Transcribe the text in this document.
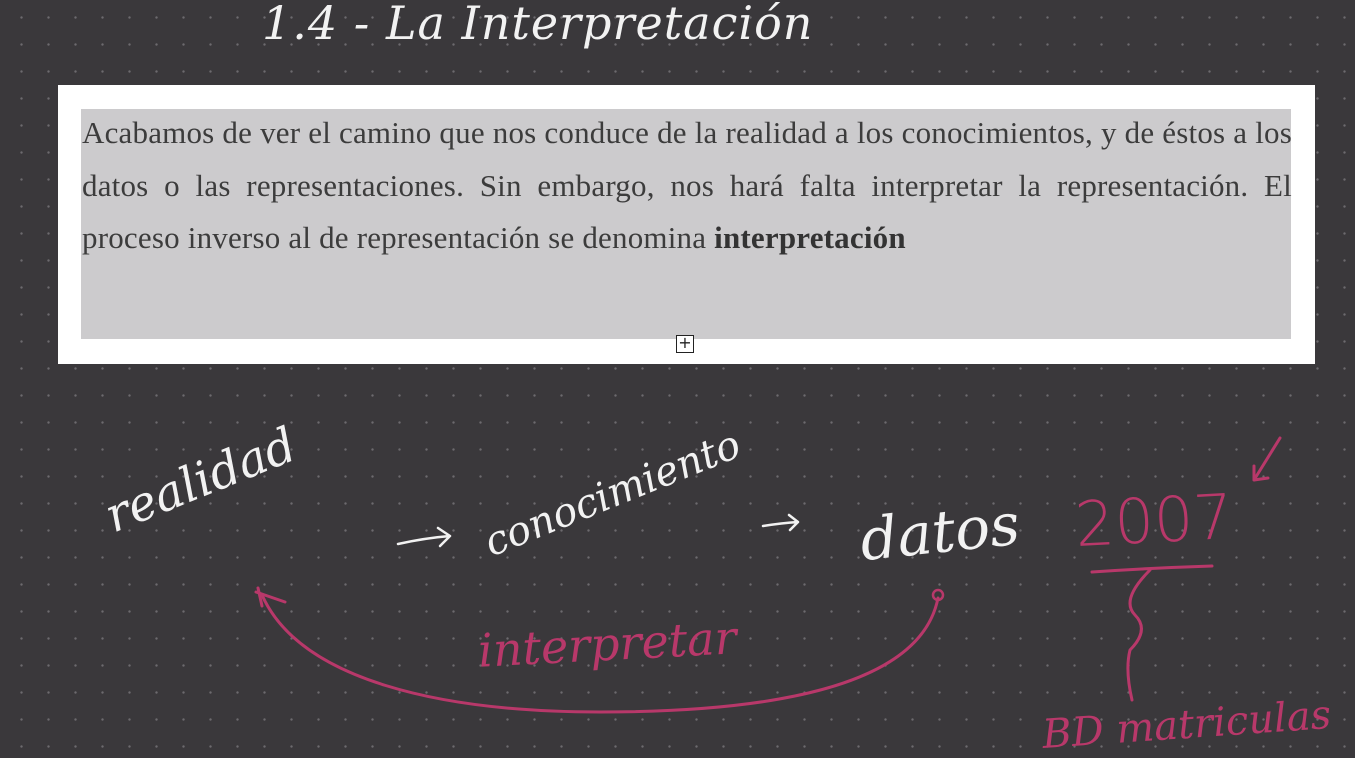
1.4 - La Interpretación
Acabamos de ver el camino que nos conduce de la realidad a los conocimientos, y de éstos a los datos o las representaciones. Sin embargo, nos hará falta interpretar la representación. El proceso inverso al de representación se denomina interpretación
+
realidad	conocimiento datos
interpretar
2007
BD matriculas
